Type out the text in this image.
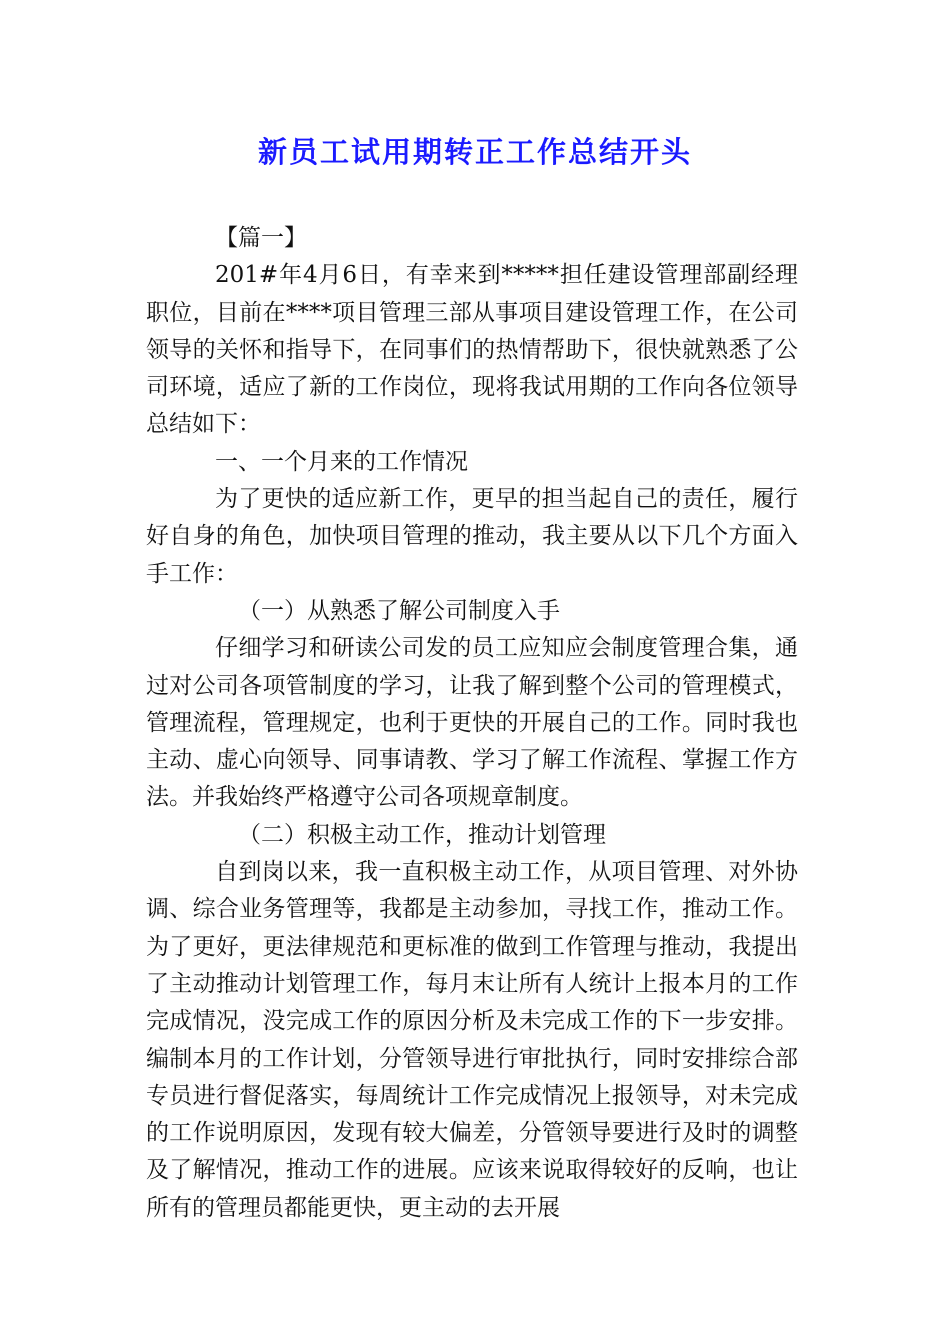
新员工试用期转正工作总结开头

【篇一】

201#年4月6日，有幸来到*****担任建设管理部副经理职位，目前在****项目管理三部从事项目建设管理工作，在公司领导的关怀和指导下，在同事们的热情帮助下，很快就熟悉了公司环境，适应了新的工作岗位，现将我试用期的工作向各位领导总结如下：

一、一个月来的工作情况

为了更快的适应新工作，更早的担当起自己的责任，履行好自身的角色，加快项目管理的推动，我主要从以下几个方面入手工作：

（一）从熟悉了解公司制度入手

仔细学习和研读公司发的员工应知应会制度管理合集，通过对公司各项管制度的学习，让我了解到整个公司的管理模式，管理流程，管理规定，也利于更快的开展自己的工作。同时我也主动、虚心向领导、同事请教、学习了解工作流程、掌握工作方法。并我始终严格遵守公司各项规章制度。

（二）积极主动工作，推动计划管理

自到岗以来，我一直积极主动工作，从项目管理、对外协调、综合业务管理等，我都是主动参加，寻找工作，推动工作。为了更好，更法律规范和更标准的做到工作管理与推动，我提出了主动推动计划管理工作，每月末让所有人统计上报本月的工作完成情况，没完成工作的原因分析及未完成工作的下一步安排。编制本月的工作计划，分管领导进行审批执行，同时安排综合部专员进行督促落实，每周统计工作完成情况上报领导，对未完成的工作说明原因，发现有较大偏差，分管领导要进行及时的调整及了解情况，推动工作的进展。应该来说取得较好的反响，也让所有的管理员都能更快，更主动的去开展
